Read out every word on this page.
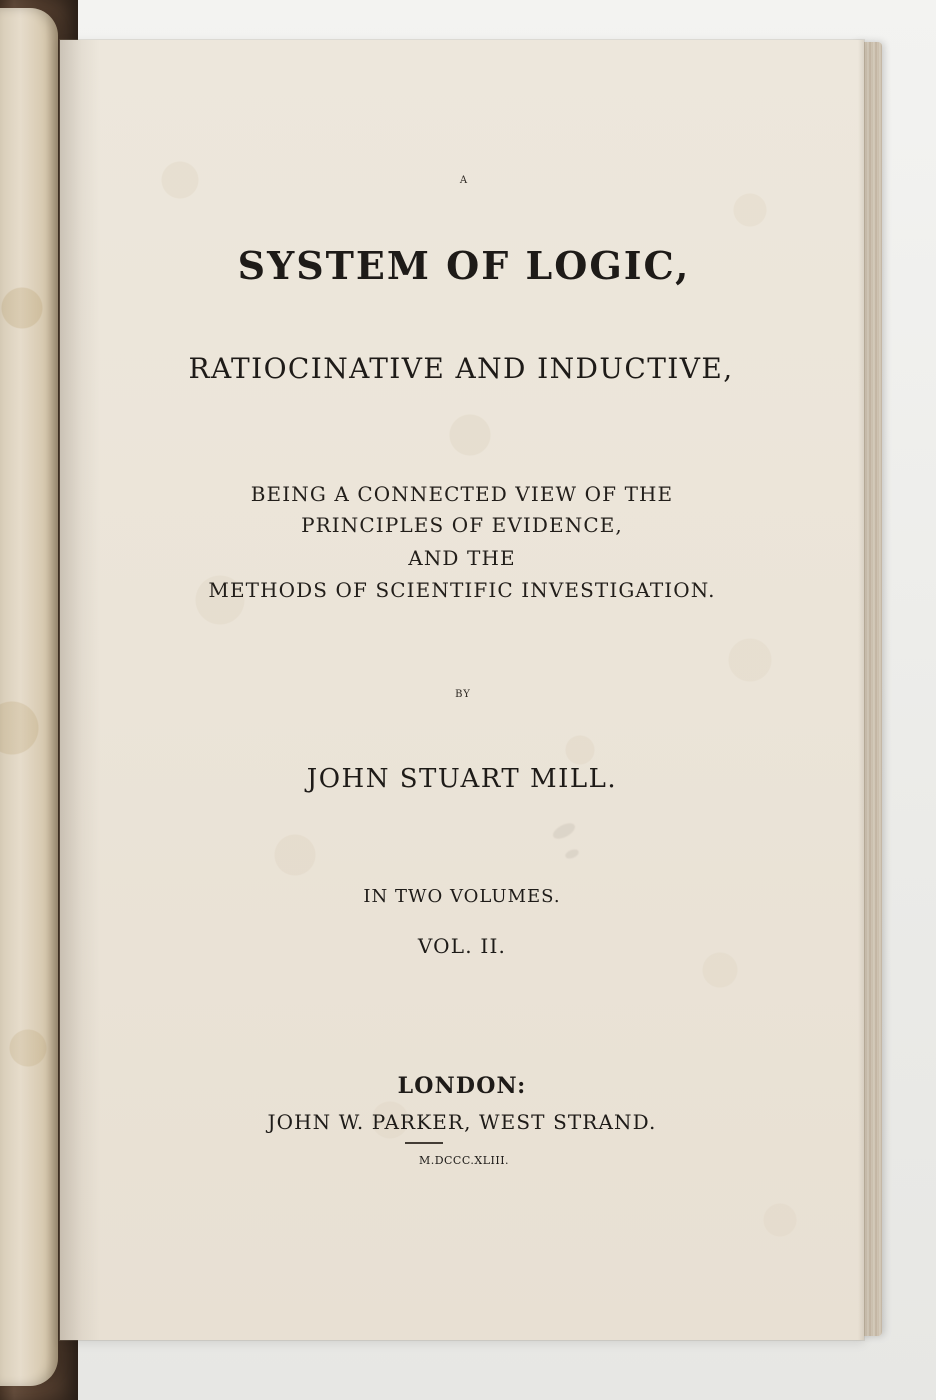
A
SYSTEM OF LOGIC,
RATIOCINATIVE AND INDUCTIVE,
BEING A CONNECTED VIEW OF THE
PRINCIPLES OF EVIDENCE,
AND THE
METHODS OF SCIENTIFIC INVESTIGATION.
BY
JOHN STUART MILL.
IN TWO VOLUMES.
VOL. II.
LONDON:
JOHN W. PARKER, WEST STRAND.
M.DCCC.XLIII.
